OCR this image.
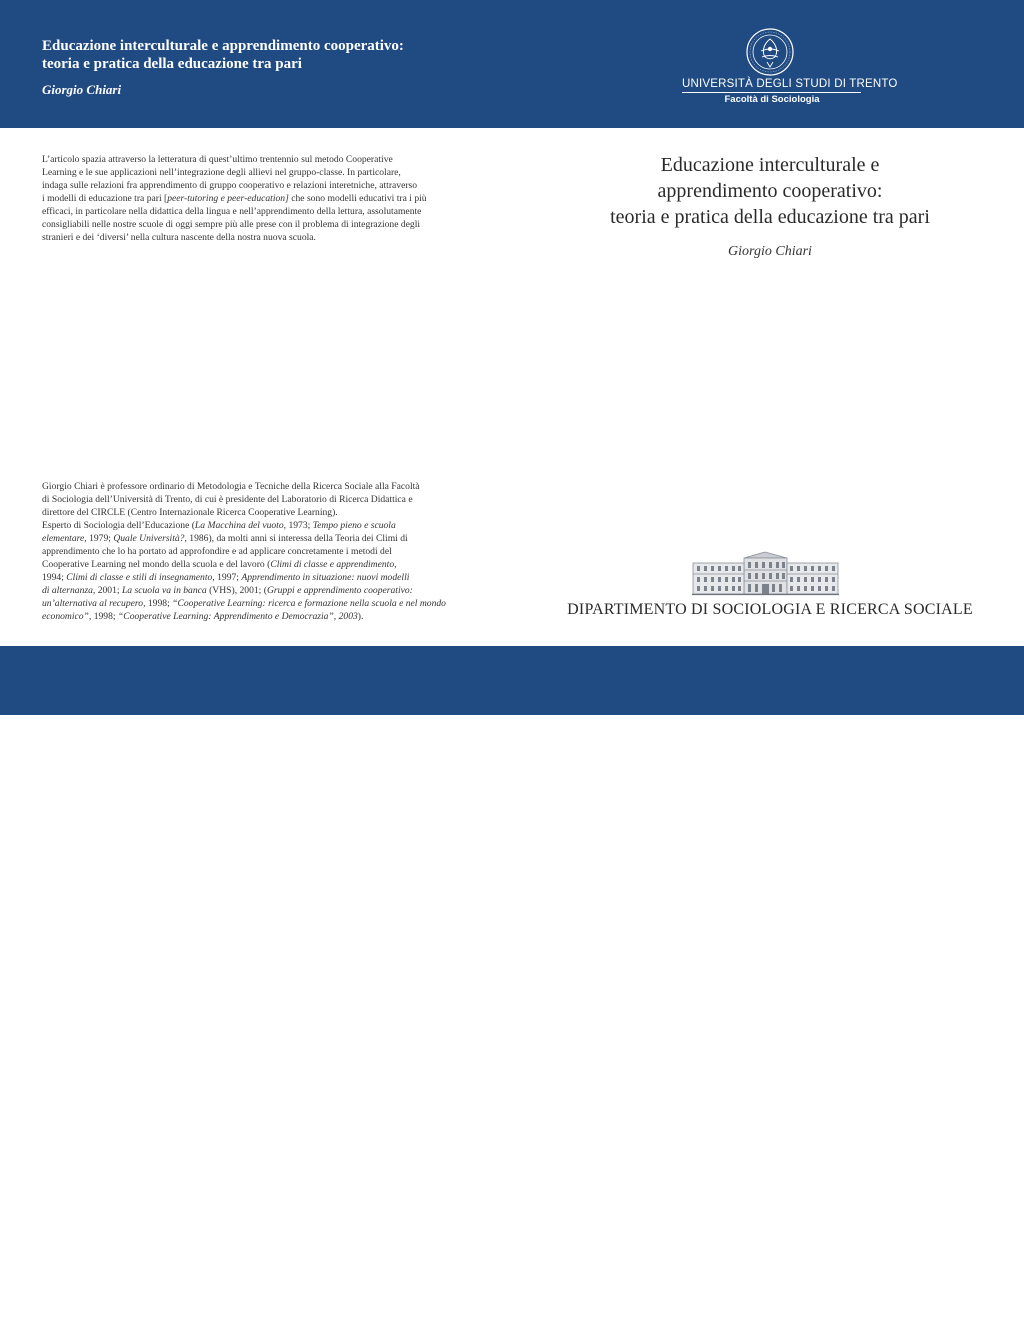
Educazione interculturale e apprendimento cooperativo:
teoria e pratica della educazione tra pari
Giorgio Chiari	UNIVERSITÀ DEGLI STUDI DI TRENTO
Facoltà di Sociologia
L’articolo spazia attraverso la letteratura di quest’ultimo trentennio sul metodo Cooperative
Learning e le sue applicazioni nell’integrazione degli allievi nel gruppo-classe. In particolare,
indaga sulle relazioni fra apprendimento di gruppo cooperativo e relazioni interetniche, attraverso
i modelli di educazione tra pari [peer-tutoring e peer-education] che sono modelli educativi tra i più
efficaci, in particolare nella didattica della lingua e nell’apprendimento della lettura, assolutamente
consigliabili nelle nostre scuole di oggi sempre più alle prese con il problema di integrazione degli
stranieri e dei ‘diversi’ nella cultura nascente della nostra nuova scuola.
Giorgio Chiari è professore ordinario di Metodologia e Tecniche della Ricerca Sociale alla Facoltà
di Sociologia dell’Università di Trento, di cui è presidente del Laboratorio di Ricerca Didattica e
direttore del CIRCLE (Centro Internazionale Ricerca Cooperative Learning).
Esperto di Sociologia dell’Educazione (La Macchina del vuoto, 1973; Tempo pieno e scuola
elementare, 1979; Quale Università?, 1986), da molti anni si interessa della Teoria dei Climi di
apprendimento che lo ha portato ad approfondire e ad applicare concretamente i metodi del
Cooperative Learning nel mondo della scuola e del lavoro (Climi di classe e apprendimento,
1994; Climi di classe e stili di insegnamento, 1997; Apprendimento in situazione: nuovi modelli
di alternanza, 2001; La scuola va in banca (VHS), 2001; (Gruppi e apprendimento cooperativo:
un’alternativa al recupero, 1998; “Cooperative Learning: ricerca e formazione nella scuola e nel mondo
economico”, 1998; “Cooperative Learning: Apprendimento e Democrazia”, 2003).
Educazione interculturale e
apprendimento cooperativo:
teoria e pratica della educazione tra pari
Giorgio Chiari
DIPARTIMENTO DI SOCIOLOGIA E RICERCA SOCIALE
ISSN 1828 - 955 X	QUADERNO 57
